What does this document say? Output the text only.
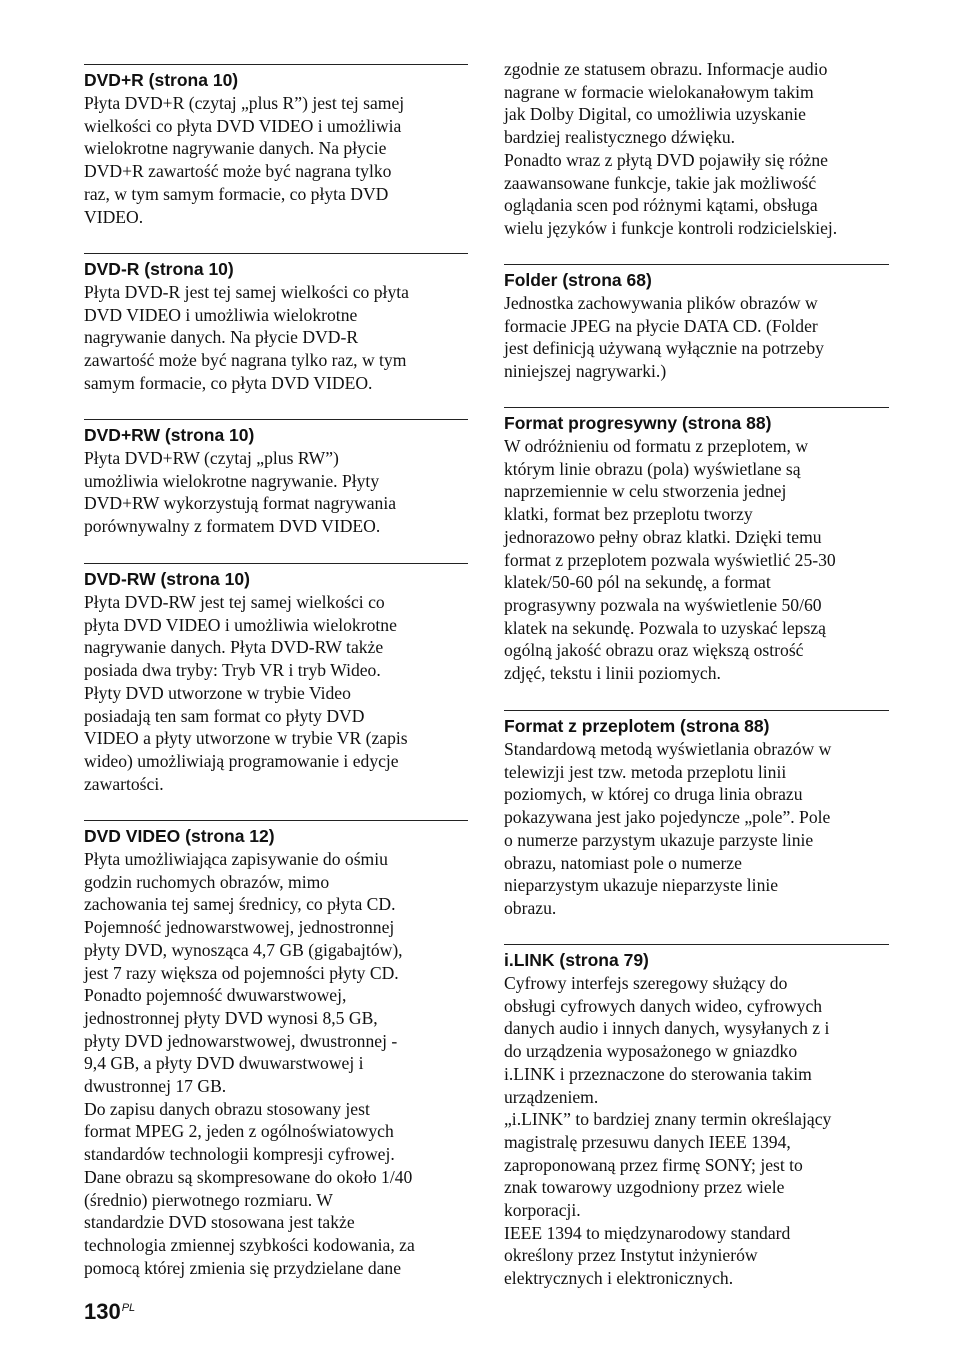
DVD+R (strona 10)
Płyta DVD+R (czytaj „plus R”) jest tej samej
wielkości co płyta DVD VIDEO i umożliwia
wielokrotne nagrywanie danych. Na płycie
DVD+R zawartość może być nagrana tylko
raz, w tym samym formacie, co płyta DVD
VIDEO.
DVD-R (strona 10)
Płyta DVD-R jest tej samej wielkości co płyta
DVD VIDEO i umożliwia wielokrotne
nagrywanie danych. Na płycie DVD-R
zawartość może być nagrana tylko raz, w tym
samym formacie, co płyta DVD VIDEO.
DVD+RW (strona 10)
Płyta DVD+RW (czytaj „plus RW”)
umożliwia wielokrotne nagrywanie. Płyty
DVD+RW wykorzystują format nagrywania
porównywalny z formatem DVD VIDEO.
DVD-RW (strona 10)
Płyta DVD-RW jest tej samej wielkości co
płyta DVD VIDEO i umożliwia wielokrotne
nagrywanie danych. Płyta DVD-RW także
posiada dwa tryby: Tryb VR i tryb Wideo.
Płyty DVD utworzone w trybie Video
posiadają ten sam format co płyty DVD
VIDEO a płyty utworzone w trybie VR (zapis
wideo) umożliwiają programowanie i edycje
zawartości.
DVD VIDEO (strona 12)
Płyta umożliwiająca zapisywanie do ośmiu
godzin ruchomych obrazów, mimo
zachowania tej samej średnicy, co płyta CD.
Pojemność jednowarstwowej, jednostronnej
płyty DVD, wynosząca 4,7 GB (gigabajtów),
jest 7 razy większa od pojemności płyty CD.
Ponadto pojemność dwuwarstwowej,
jednostronnej płyty DVD wynosi 8,5 GB,
płyty DVD jednowarstwowej, dwustronnej -
9,4 GB, a płyty DVD dwuwarstwowej i
dwustronnej 17 GB.
Do zapisu danych obrazu stosowany jest
format MPEG 2, jeden z ogólnoświatowych
standardów technologii kompresji cyfrowej.
Dane obrazu są skompresowane do około 1/40
(średnio) pierwotnego rozmiaru. W
standardzie DVD stosowana jest także
technologia zmiennej szybkości kodowania, za
pomocą której zmienia się przydzielane dane
zgodnie ze statusem obrazu. Informacje audio
nagrane w formacie wielokanałowym takim
jak Dolby Digital, co umożliwia uzyskanie
bardziej realistycznego dźwięku.
Ponadto wraz z płytą DVD pojawiły się różne
zaawansowane funkcje, takie jak możliwość
oglądania scen pod różnymi kątami, obsługa
wielu języków i funkcje kontroli rodzicielskiej.
Folder (strona 68)
Jednostka zachowywania plików obrazów w
formacie JPEG na płycie DATA CD. (Folder
jest definicją używaną wyłącznie na potrzeby
niniejszej nagrywarki.)
Format progresywny (strona 88)
W odróżnieniu od formatu z przeplotem, w
którym linie obrazu (pola) wyświetlane są
naprzemiennie w celu stworzenia jednej
klatki, format bez przeplotu tworzy
jednorazowo pełny obraz klatki. Dzięki temu
format z przeplotem pozwala wyświetlić 25-30
klatek/50-60 pól na sekundę, a format
prograsywny pozwala na wyświetlenie 50/60
klatek na sekundę. Pozwala to uzyskać lepszą
ogólną jakość obrazu oraz większą ostrość
zdjęć, tekstu i linii poziomych.
Format z przeplotem (strona 88)
Standardową metodą wyświetlania obrazów w
telewizji jest tzw. metoda przeplotu linii
poziomych, w której co druga linia obrazu
pokazywana jest jako pojedyncze „pole”. Pole
o numerze parzystym ukazuje parzyste linie
obrazu, natomiast pole o numerze
nieparzystym ukazuje nieparzyste linie
obrazu.
i.LINK (strona 79)
Cyfrowy interfejs szeregowy służący do
obsługi cyfrowych danych wideo, cyfrowych
danych audio i innych danych, wysyłanych z i
do urządzenia wyposażonego w gniazdko
i.LINK i przeznaczone do sterowania takim
urządzeniem.
„i.LINK” to bardziej znany termin określający
magistralę przesuwu danych IEEE 1394,
zaproponowaną przez firmę SONY; jest to
znak towarowy uzgodniony przez wiele
korporacji.
IEEE 1394 to międzynarodowy standard
określony przez Instytut inżynierów
elektrycznych i elektronicznych.
$130^{PL}$
